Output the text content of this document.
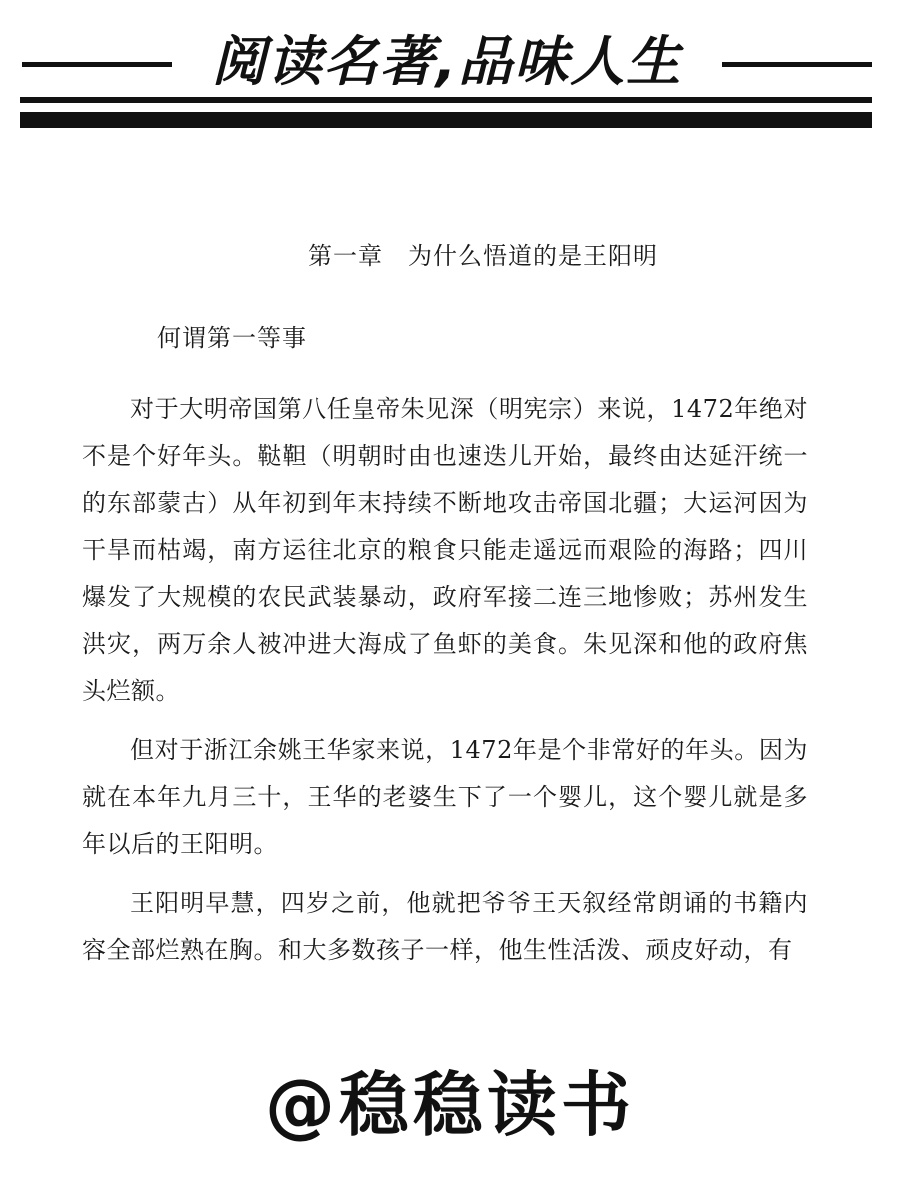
阅读名著,品味人生
第一章　为什么悟道的是王阳明
何谓第一等事

对于大明帝国第八任皇帝朱见深（明宪宗）来说，1472年绝对不是个好年头。鞑靼（明朝时由也速迭儿开始，最终由达延汗统一的东部蒙古）从年初到年末持续不断地攻击帝国北疆；大运河因为干旱而枯竭，南方运往北京的粮食只能走遥远而艰险的海路；四川爆发了大规模的农民武装暴动，政府军接二连三地惨败；苏州发生洪灾，两万余人被冲进大海成了鱼虾的美食。朱见深和他的政府焦头烂额。

但对于浙江余姚王华家来说，1472年是个非常好的年头。因为就在本年九月三十，王华的老婆生下了一个婴儿，这个婴儿就是多年以后的王阳明。

王阳明早慧，四岁之前，他就把爷爷王天叙经常朗诵的书籍内容全部烂熟在胸。和大多数孩子一样，他生性活泼、顽皮好动，有

@稳稳读书
